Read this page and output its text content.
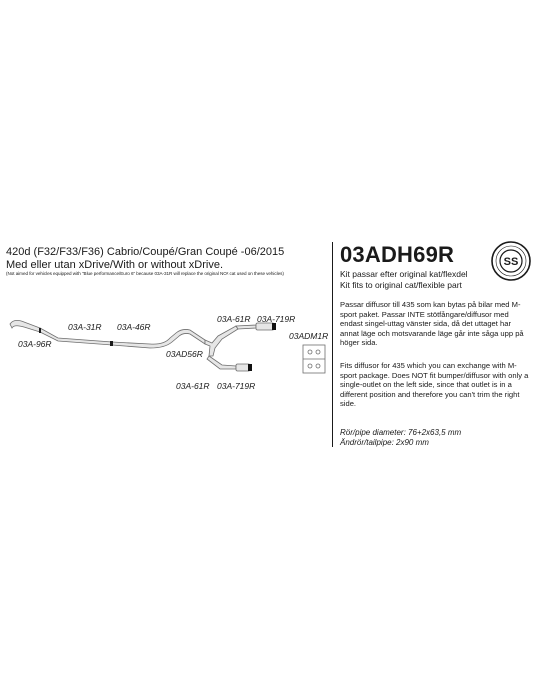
SS
420d (F32/F33/F36) Cabrio/Coupé/Gran Coupé -06/2015
Med eller utan xDrive/With or without xDrive.
(Not aimed for vehicles equipped with "Blue performance/Euro 6" because 03A-31R will replace the original NOᵡ cat used on these vehicles)
03ADH69R
Kit passar efter original kat/flexdel
Kit fits to original cat/flexible part
Passar diffusor till 435 som kan bytas på bilar med M-sport paket. Passar INTE stötfångare/diffusor med endast singel-uttag vänster sida, då det uttaget har annat läge och motsvarande läge går inte såga upp på höger sida.
Fits diffusor for 435 which you can exchange with M-sport package. Does NOT fit bumper/diffusor with only a single-outlet on the left side, since that outlet is in a different position and therefore you can't trim the right side.
Rör/pipe diameter: 76+2x63,5 mm
Ändrör/tailpipe: 2x90 mm
03A-96R
03A-31R 03A-46R
03A-61R 03A-719R
03ADM1R
03AD56R
03A-61R 03A-719R
